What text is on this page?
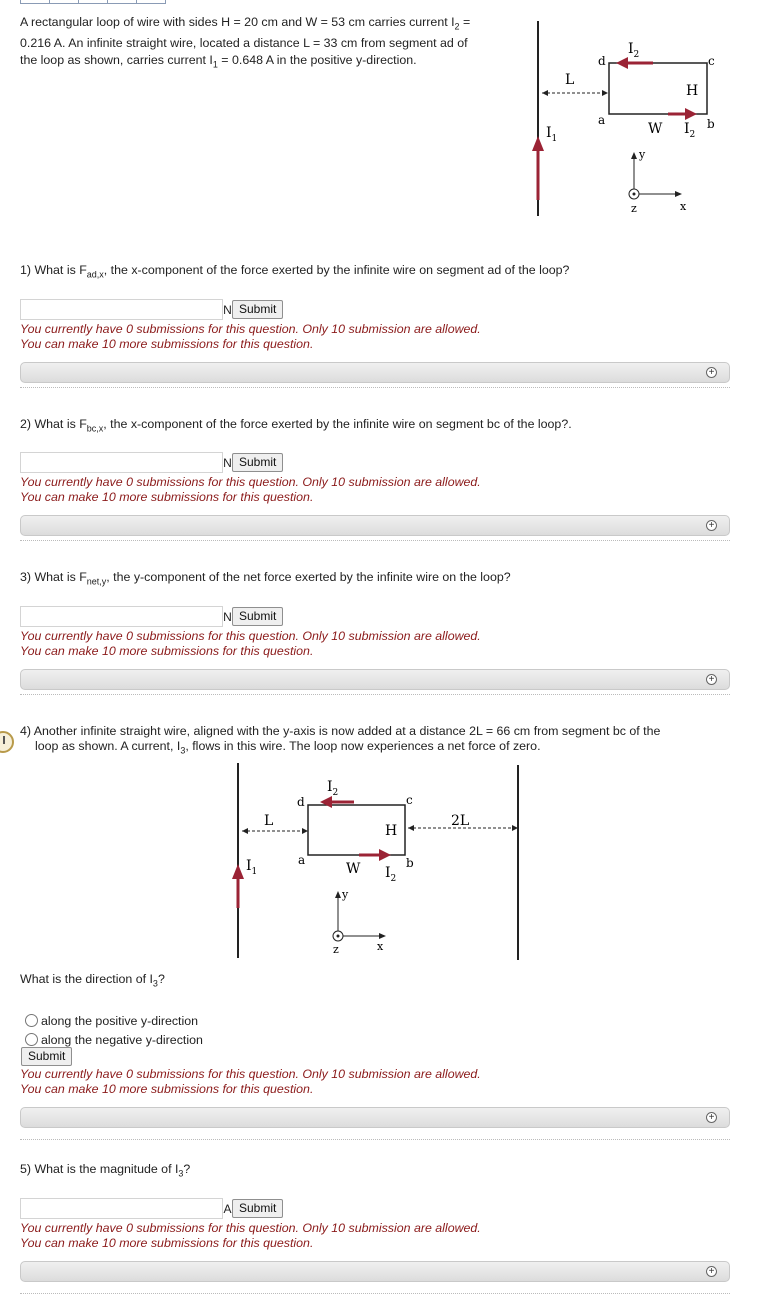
A rectangular loop of wire with sides H = 20 cm and W = 53 cm carries current $I_2$ =
0.216 A. An infinite straight wire, located a distance L = 33 cm from segment ad of
the loop as shown, carries current $I_1 = 0.648$ A in the positive y-direction.
$I_1$
L
d	c
a	b
$I_2$
H
W $I_2$
y
x
z
1) What is $F_{ad,x}$, the x-component of the force exerted by the infinite wire on segment ad of the loop?
N Submit
You currently have 0 submissions for this question. Only 10 submission are allowed.
You can make 10 more submissions for this question.
+
2) What is $F_{bc,x}$, the x-component of the force exerted by the infinite wire on segment bc of the loop?.
N Submit
You currently have 0 submissions for this question. Only 10 submission are allowed.
You can make 10 more submissions for this question.
+
3) What is $F_{net,y}$, the y-component of the net force exerted by the infinite wire on the loop?
N Submit
You currently have 0 submissions for this question. Only 10 submission are allowed.
You can make 10 more submissions for this question.
+
4) Another infinite straight wire, aligned with the y-axis is now added at a distance 2L = 66 cm from segment bc of the
loop as shown. A current, $I_3$, flows in this wire. The loop now experiences a net force of zero.
$I_1$
L
d	c
a	b
$I_2$
H
2L
W $I_2$
y
x
z
What is the direction of $I_3$?
along the positive y-direction
along the negative y-direction
Submit
You currently have 0 submissions for this question. Only 10 submission are allowed.
You can make 10 more submissions for this question.
+
5) What is the magnitude of $I_3$?
A Submit
You currently have 0 submissions for this question. Only 10 submission are allowed.
You can make 10 more submissions for this question.
+
